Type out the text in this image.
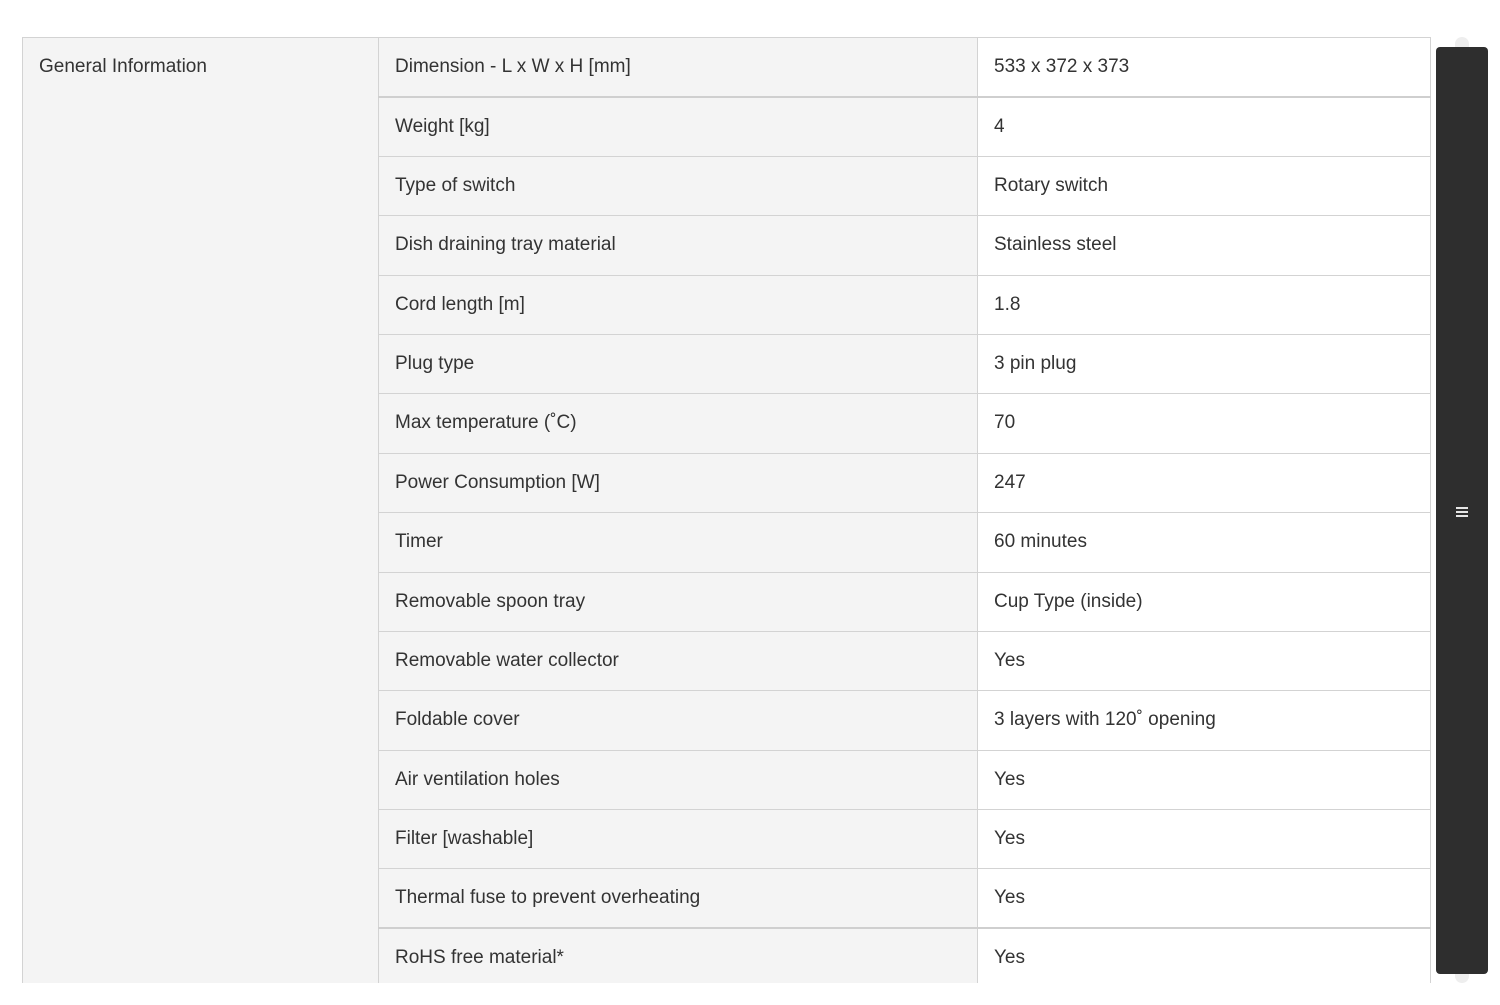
General Information	Dimension - L x W x H [mm]	533 x 372 x 373
	Weight [kg]	4
	Type of switch	Rotary switch
	Dish draining tray material	Stainless steel
	Cord length [m]	1.8
	Plug type	3 pin plug
	Max temperature (˚C)	70
	Power Consumption [W]	247
	Timer	60 minutes
	Removable spoon tray	Cup Type (inside)
	Removable water collector	Yes
	Foldable cover	3 layers with 120˚ opening
	Air ventilation holes	Yes
	Filter [washable]	Yes
	Thermal fuse to prevent overheating	Yes
	RoHS free material*	Yes
